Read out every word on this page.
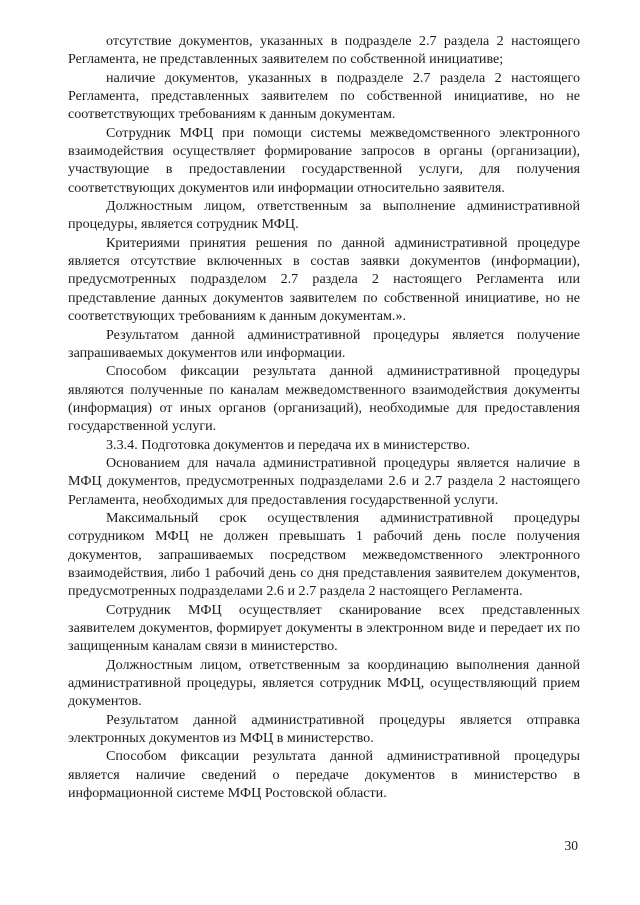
отсутствие документов, указанных в подразделе 2.7 раздела 2 настоящего Регламента, не представленных заявителем по собственной инициативе;

наличие документов, указанных в подразделе 2.7 раздела 2 настоящего Регламента, представленных заявителем по собственной инициативе, но не соответствующих требованиям к данным документам.

Сотрудник МФЦ при помощи системы межведомственного электронного взаимодействия осуществляет формирование запросов в органы (организации), участвующие в предоставлении государственной услуги, для получения соответствующих документов или информации относительно заявителя.

Должностным лицом, ответственным за выполнение административной процедуры, является сотрудник МФЦ.

Критериями принятия решения по данной административной процедуре является отсутствие включенных в состав заявки документов (информации), предусмотренных подразделом 2.7 раздела 2 настоящего Регламента или представление данных документов заявителем по собственной инициативе, но не соответствующих требованиям к данным документам.».

Результатом данной административной процедуры является получение запрашиваемых документов или информации.

Способом фиксации результата данной административной процедуры являются полученные по каналам межведомственного взаимодействия документы (информация) от иных органов (организаций), необходимые для предоставления государственной услуги.

3.3.4. Подготовка документов и передача их в министерство.

Основанием для начала административной процедуры является наличие в МФЦ документов, предусмотренных подразделами 2.6 и 2.7 раздела 2 настоящего Регламента, необходимых для предоставления государственной услуги.

Максимальный срок осуществления административной процедуры сотрудником МФЦ не должен превышать 1 рабочий день после получения документов, запрашиваемых посредством межведомственного электронного взаимодействия, либо 1 рабочий день со дня представления заявителем документов, предусмотренных подразделами 2.6 и 2.7 раздела 2 настоящего Регламента.

Сотрудник МФЦ осуществляет сканирование всех представленных заявителем документов, формирует документы в электронном виде и передает их по защищенным каналам связи в министерство.

Должностным лицом, ответственным за координацию выполнения данной административной процедуры, является сотрудник МФЦ, осуществляющий прием документов.

Результатом данной административной процедуры является отправка электронных документов из МФЦ в министерство.

Способом фиксации результата данной административной процедуры является наличие сведений о передаче документов в министерство в информационной системе МФЦ Ростовской области.

30
